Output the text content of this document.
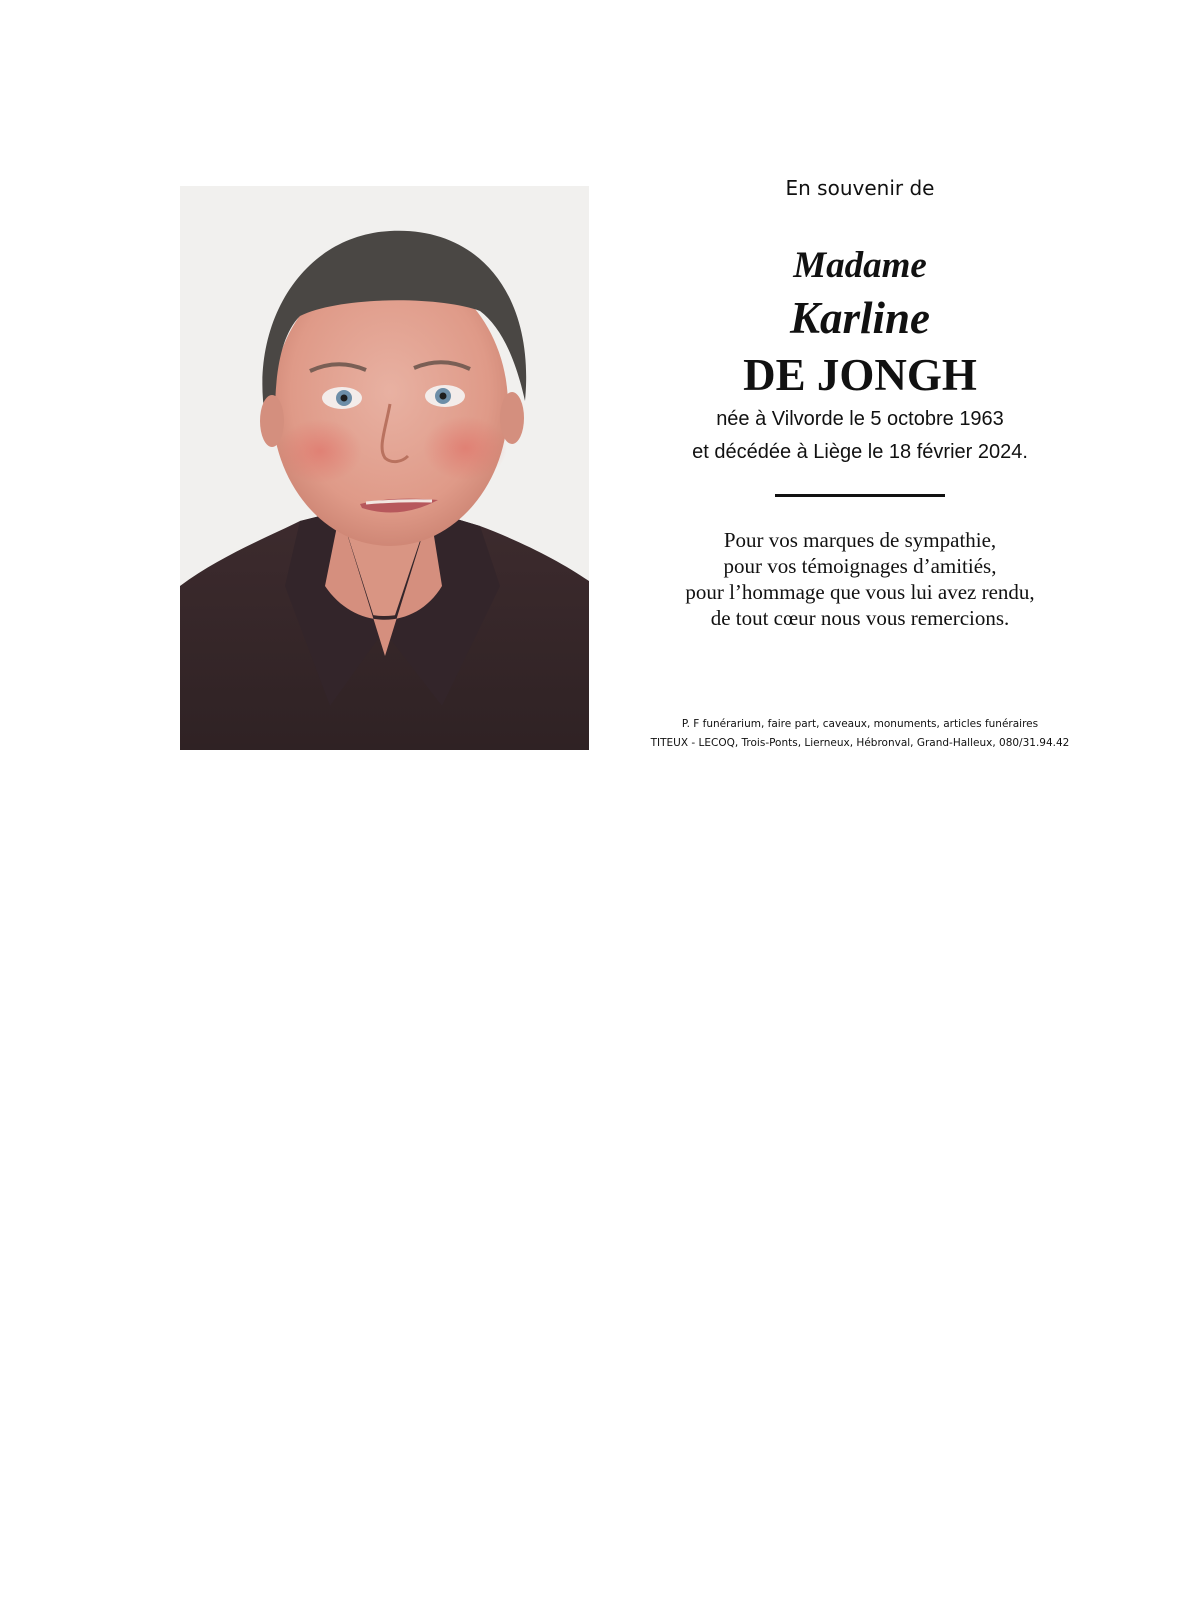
En souvenir de
Madame
Karline
DE JONGH
née à Vilvorde le 5 octobre 1963
et décédée à Liège le 18 février 2024.
Pour vos marques de sympathie,
pour vos témoignages d’amitiés,
pour l’hommage que vous lui avez rendu,
de tout cœur nous vous remercions.
P. F funérarium, faire part, caveaux, monuments, articles funéraires
TITEUX - LECOQ, Trois-Ponts, Lierneux, Hébronval, Grand-Halleux, 080/31.94.42
